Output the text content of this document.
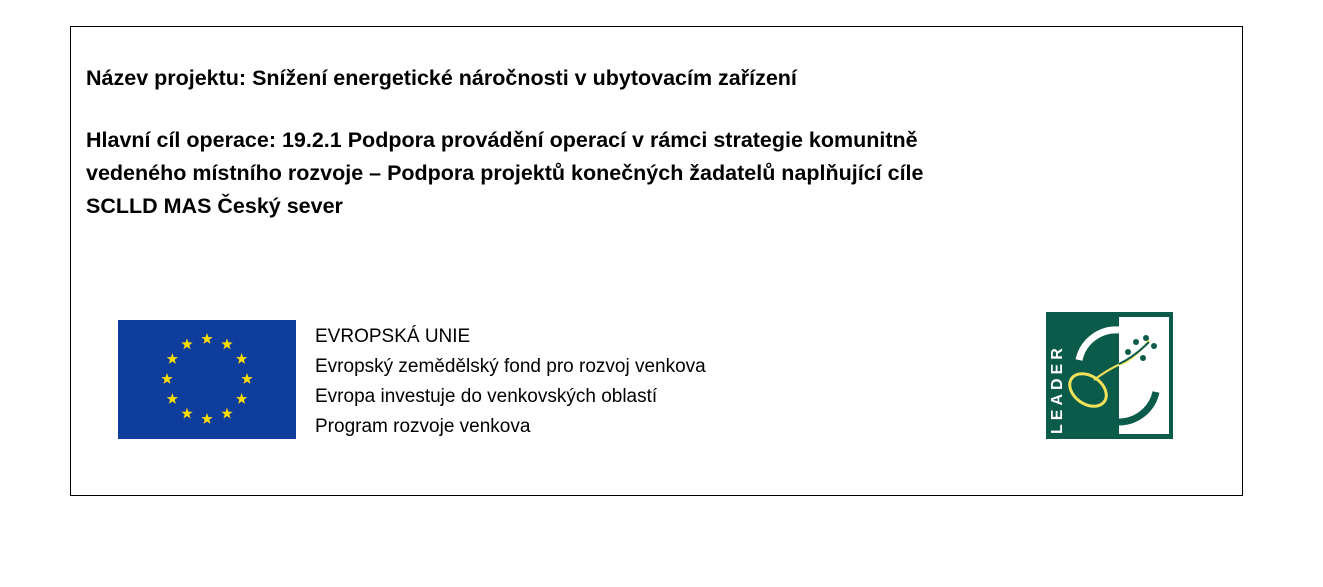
Název projektu: Snížení energetické náročnosti v ubytovacím zařízení
Hlavní cíl operace: 19.2.1 Podpora provádění operací v rámci strategie komunitně
vedeného místního rozvoje – Podpora projektů konečných žadatelů naplňující cíle
SCLLD MAS Český sever
EVROPSKÁ UNIE
Evropský zemědělský fond pro rozvoj venkova
Evropa investuje do venkovských oblastí
Program rozvoje venkova	LEADER
